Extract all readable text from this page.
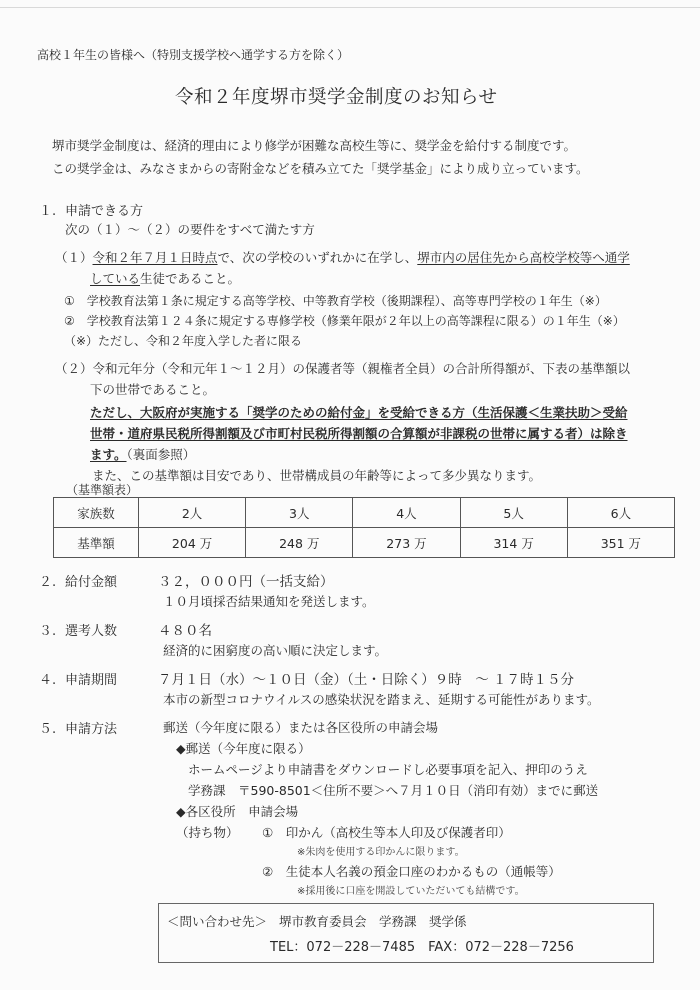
高校１年生の皆様へ（特別支援学校へ通学する方を除く）
令和２年度堺市奨学金制度のお知らせ
堺市奨学金制度は、経済的理由により修学が困難な高校生等に、奨学金を給付する制度です。
この奨学金は、みなさまからの寄附金などを積み立てた「奨学基金」により成り立っています。
１. 申請できる方
次の（１）～（２）の要件をすべて満たす方
（１）令和２年７月１日時点で、次の学校のいずれかに在学し、堺市内の居住先から高校学校等へ通学
している生徒であること。
①　学校教育法第１条に規定する高等学校、中等教育学校（後期課程）、高等専門学校の１年生（※）
②　学校教育法第１２４条に規定する専修学校（修業年限が２年以上の高等課程に限る）の１年生（※）
（※）ただし、令和２年度入学した者に限る
（２）令和元年分（令和元年１～１２月）の保護者等（親権者全員）の合計所得額が、下表の基準額以
下の世帯であること。
ただし、大阪府が実施する「奨学のための給付金」を受給できる方（生活保護＜生業扶助＞受給
世帯・道府県民税所得割額及び市町村民税所得割額の合算額が非課税の世帯に属する者）は除き
ます。（裏面参照）
また、この基準額は目安であり、世帯構成員の年齢等によって多少異なります。
（基準額表）
家族数	2人	3人	4人	5人	6人
基準額	204 万	248 万	273 万	314 万	351 万
２. 給付金額	３２，０００円（一括支給）
１０月頃採否結果通知を発送します。
３. 選考人数	４８０名
経済的に困窮度の高い順に決定します。
４. 申請期間	７月１日（水）～１０日（金）（土・日除く）９時　～ １７時１５分
本市の新型コロナウイルスの感染状況を踏まえ、延期する可能性があります。
５. 申請方法	郵送（今年度に限る）または各区役所の申請会場
◆郵送（今年度に限る）
ホームページより申請書をダウンロードし必要事項を記入、押印のうえ
学務課　〒590-8501＜住所不要＞へ７月１０日（消印有効）までに郵送
◆各区役所　申請会場
（持ち物） ①　印かん（高校生等本人印及び保護者印）
※朱肉を使用する印かんに限ります。
②　生徒本人名義の預金口座のわかるもの（通帳等）
※採用後に口座を開設していただいても結構です。
＜問い合わせ先＞ 堺市教育委員会　学務課　奨学係
TEL：072－228－7485　FAX：072－228－7256
